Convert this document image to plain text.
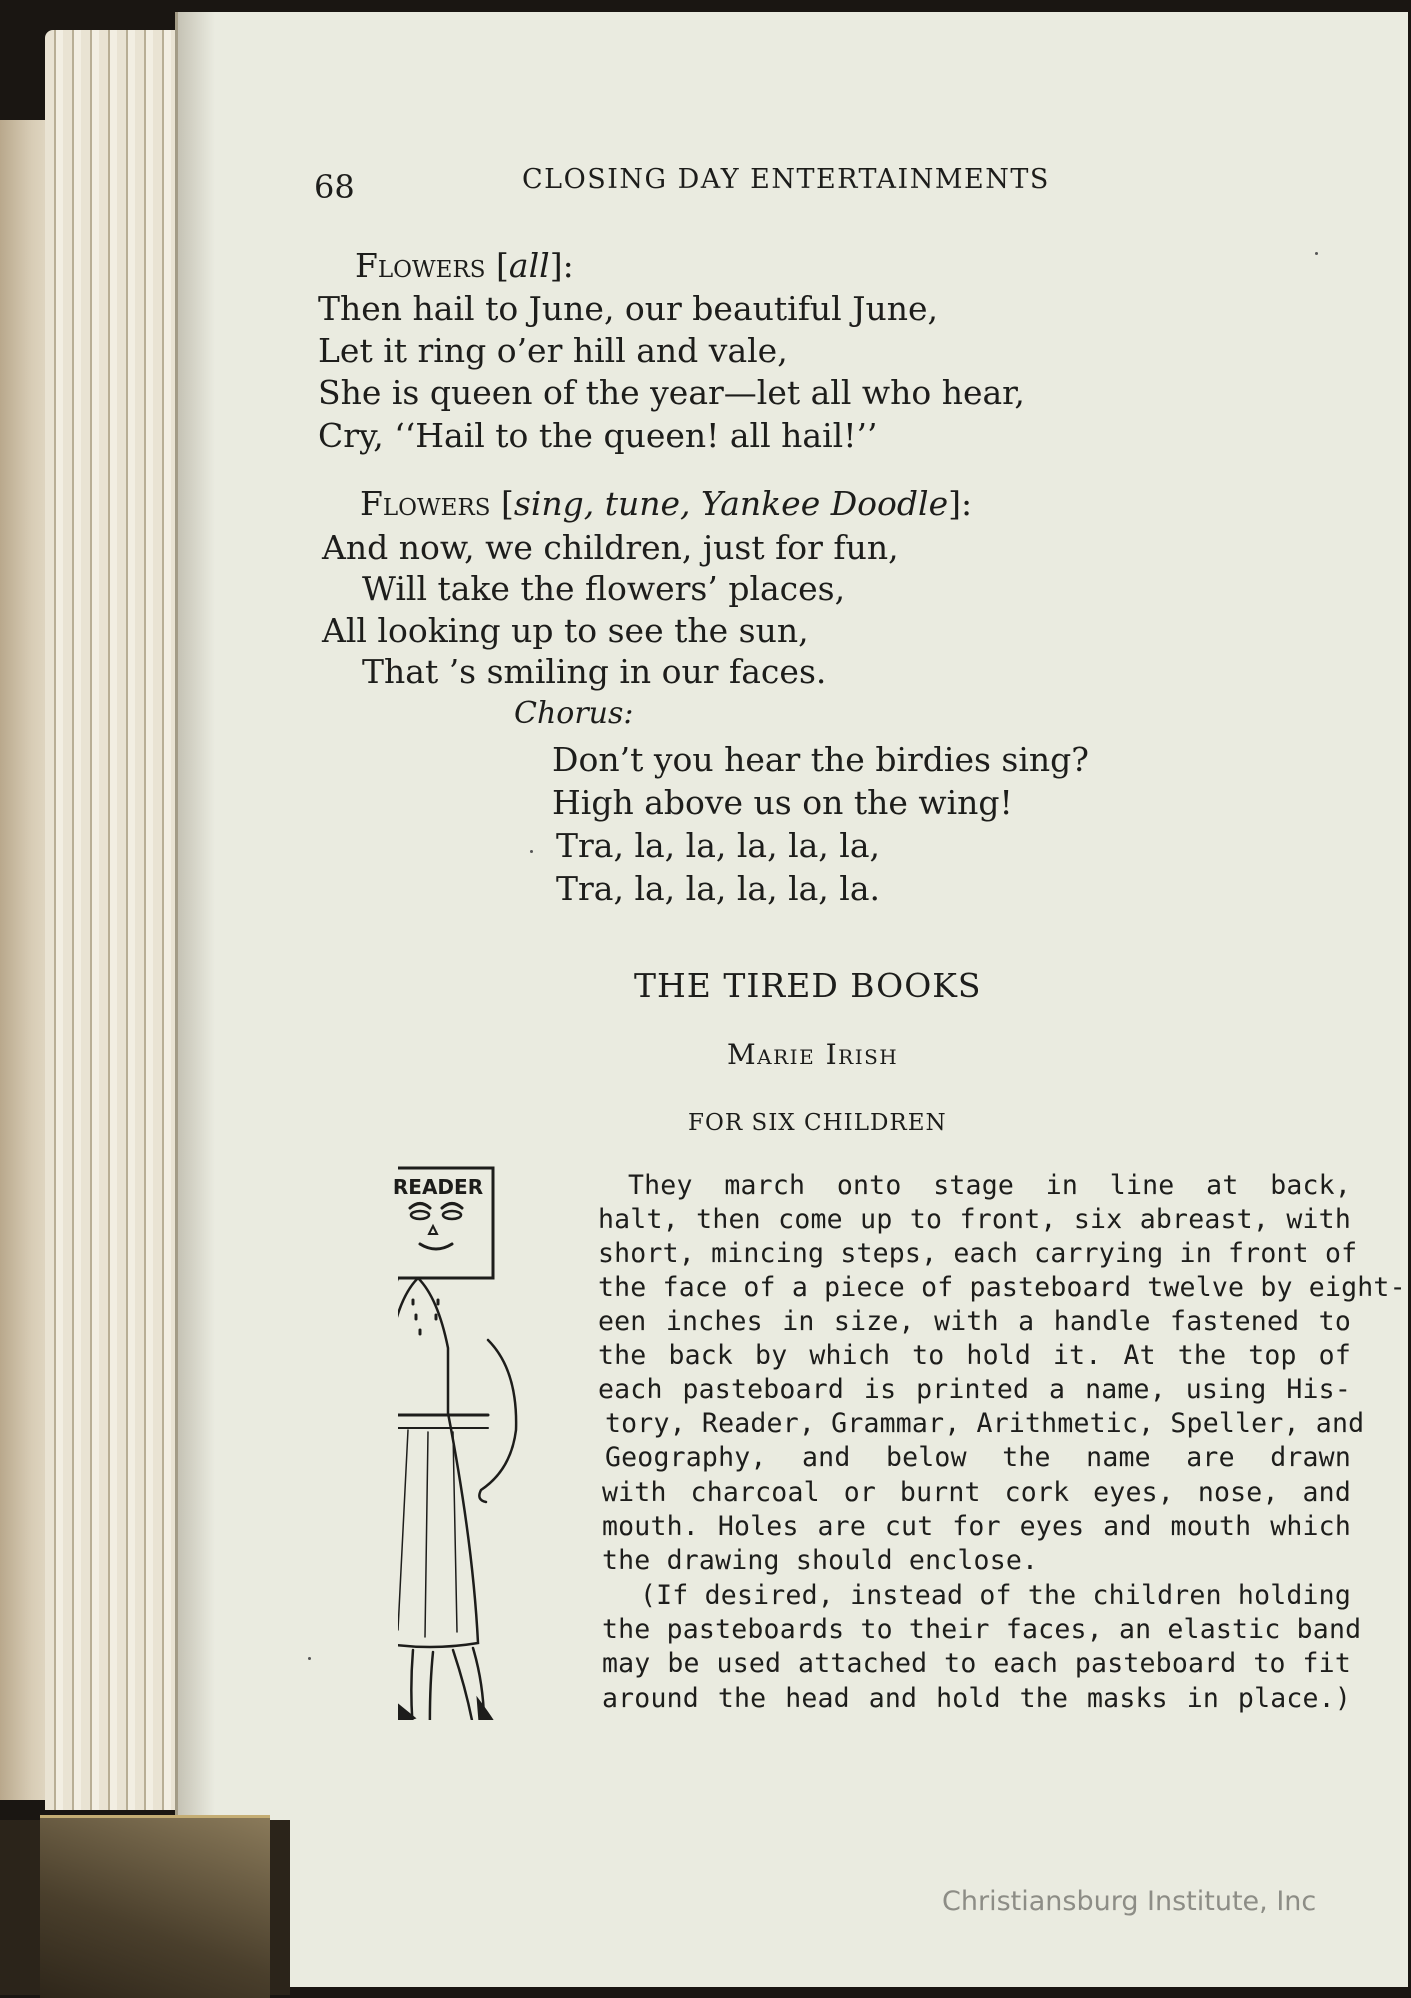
68	CLOSING DAY ENTERTAINMENTS
Flowers [all]:
Then hail to June, our beautiful June,
Let it ring o’er hill and vale,
She is queen of the year—let all who hear,
Cry, ‘‘Hail to the queen! all hail!’’
Flowers [sing, tune, Yankee Doodle]:
And now, we children, just for fun,
Will take the flowers’ places,
All looking up to see the sun,
That ’s smiling in our faces.
Chorus:
Don’t you hear the birdies sing?
High above us on the wing!
Tra, la, la, la, la, la,
Tra, la, la, la, la, la.
THE TIRED BOOKS
Marie Irish
FOR SIX CHILDREN
READER	They march onto stage in line at back,
halt, then come up to front, six abreast, with
short, mincing steps, each carrying in front of
the face of a piece of pasteboard twelve by eight-
een inches in size, with a handle fastened to
the back by which to hold it. At the top of
each pasteboard is printed a name, using His-
tory, Reader, Grammar, Arithmetic, Speller, and
Geography, and below the name are drawn
with charcoal or burnt cork eyes, nose, and
mouth. Holes are cut for eyes and mouth which
the drawing should enclose.
(If desired, instead of the children holding
the pasteboards to their faces, an elastic band
may be used attached to each pasteboard to fit
around the head and hold the masks in place.)
Christiansburg Institute, Inc
